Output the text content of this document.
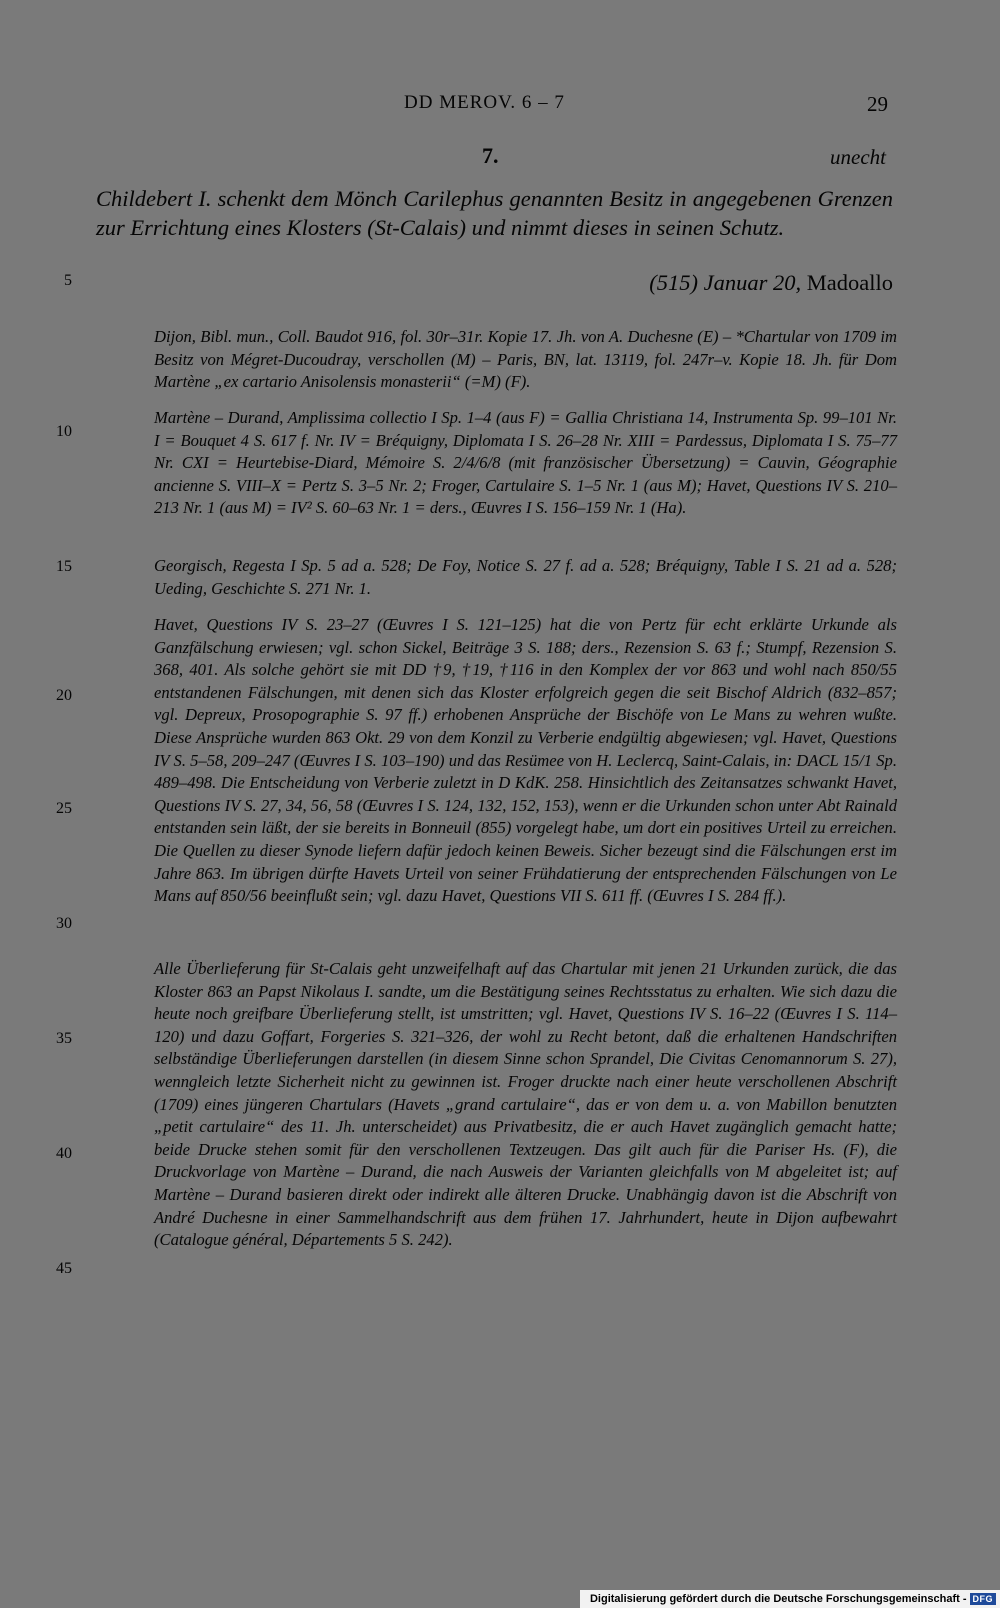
DD MEROV. 6 – 7	29
7.	unecht
Childebert I. schenkt dem Mönch Carilephus genannten Besitz in angegebenen Grenzen zur Errichtung eines Klosters (St-Calais) und nimmt dieses in seinen Schutz.
(515) Januar 20, Madoallo
5
10
15
20
25
30
35
40
45

Dijon, Bibl. mun., Coll. Baudot 916, fol. 30r–31r. Kopie 17. Jh. von A. Duchesne (E) – *Chartular von 1709 im Besitz von Mégret-Ducoudray, verschollen (M) – Paris, BN, lat. 13119, fol. 247r–v. Kopie 18. Jh. für Dom Martène „ex cartario Anisolensis monasterii“ (=M) (F).

Martène – Durand, Amplissima collectio I Sp. 1–4 (aus F) = Gallia Christiana 14, Instrumenta Sp. 99–101 Nr. I = Bouquet 4 S. 617 f. Nr. IV = Bréquigny, Diplomata I S. 26–28 Nr. XIII = Pardessus, Diplomata I S. 75–77 Nr. CXI = Heurtebise-Diard, Mémoire S. 2/4/6/8 (mit französischer Übersetzung) = Cauvin, Géographie ancienne S. VIII–X = Pertz S. 3–5 Nr. 2; Froger, Cartulaire S. 1–5 Nr. 1 (aus M); Havet, Questions IV S. 210–213 Nr. 1 (aus M) = IV² S. 60–63 Nr. 1 = ders., Œuvres I S. 156–159 Nr. 1 (Ha).

Georgisch, Regesta I Sp. 5 ad a. 528; De Foy, Notice S. 27 f. ad a. 528; Bréquigny, Table I S. 21 ad a. 528; Ueding, Geschichte S. 271 Nr. 1.

Havet, Questions IV S. 23–27 (Œuvres I S. 121–125) hat die von Pertz für echt erklärte Urkunde als Ganzfälschung erwiesen; vgl. schon Sickel, Beiträge 3 S. 188; ders., Rezension S. 63 f.; Stumpf, Rezension S. 368, 401. Als solche gehört sie mit DD †9, †19, †116 in den Komplex der vor 863 und wohl nach 850/55 entstandenen Fälschungen, mit denen sich das Kloster erfolgreich gegen die seit Bischof Aldrich (832–857; vgl. Depreux, Prosopographie S. 97 ff.) erhobenen Ansprüche der Bischöfe von Le Mans zu wehren wußte. Diese Ansprüche wurden 863 Okt. 29 von dem Konzil zu Verberie endgültig abgewiesen; vgl. Havet, Questions IV S. 5–58, 209–247 (Œuvres I S. 103–190) und das Resümee von H. Leclercq, Saint-Calais, in: DACL 15/1 Sp. 489–498. Die Entscheidung von Verberie zuletzt in D KdK. 258. Hinsichtlich des Zeitansatzes schwankt Havet, Questions IV S. 27, 34, 56, 58 (Œuvres I S. 124, 132, 152, 153), wenn er die Urkunden schon unter Abt Rainald entstanden sein läßt, der sie bereits in Bonneuil (855) vorgelegt habe, um dort ein positives Urteil zu erreichen. Die Quellen zu dieser Synode liefern dafür jedoch keinen Beweis. Sicher bezeugt sind die Fälschungen erst im Jahre 863. Im übrigen dürfte Havets Urteil von seiner Frühdatierung der entsprechenden Fälschungen von Le Mans auf 850/56 beeinflußt sein; vgl. dazu Havet, Questions VII S. 611 ff. (Œuvres I S. 284 ff.).

Alle Überlieferung für St-Calais geht unzweifelhaft auf das Chartular mit jenen 21 Urkunden zurück, die das Kloster 863 an Papst Nikolaus I. sandte, um die Bestätigung seines Rechtsstatus zu erhalten. Wie sich dazu die heute noch greifbare Überlieferung stellt, ist umstritten; vgl. Havet, Questions IV S. 16–22 (Œuvres I S. 114–120) und dazu Goffart, Forgeries S. 321–326, der wohl zu Recht betont, daß die erhaltenen Handschriften selbständige Überlieferungen darstellen (in diesem Sinne schon Sprandel, Die Civitas Cenomannorum S. 27), wenngleich letzte Sicherheit nicht zu gewinnen ist. Froger druckte nach einer heute verschollenen Abschrift (1709) eines jüngeren Chartulars (Havets „grand cartulaire“, das er von dem u. a. von Mabillon benutzten „petit cartulaire“ des 11. Jh. unterscheidet) aus Privatbesitz, die er auch Havet zugänglich gemacht hatte; beide Drucke stehen somit für den verschollenen Textzeugen. Das gilt auch für die Pariser Hs. (F), die Druckvorlage von Martène – Durand, die nach Ausweis der Varianten gleichfalls von M abgeleitet ist; auf Martène – Durand basieren direkt oder indirekt alle älteren Drucke. Unabhängig davon ist die Abschrift von André Duchesne in einer Sammelhandschrift aus dem frühen 17. Jahrhundert, heute in Dijon aufbewahrt (Catalogue général, Départements 5 S. 242).

Digitalisierung gefördert durch die Deutsche Forschungsgemeinschaft - DFG
